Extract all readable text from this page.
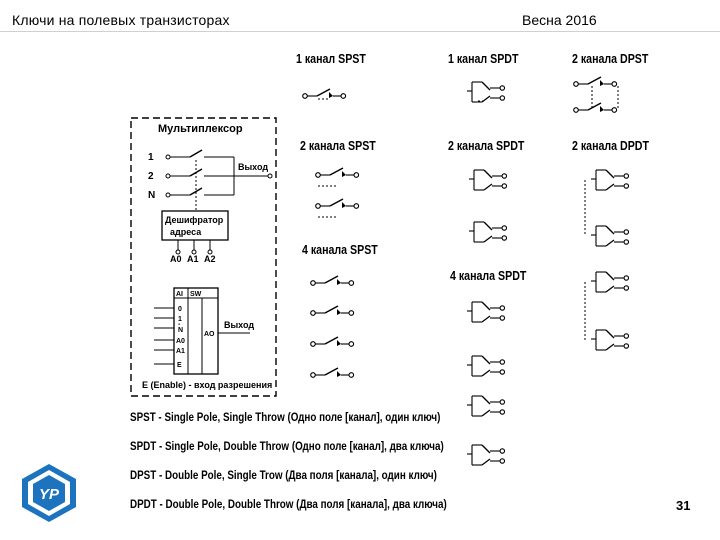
Ключи на полевых транзисторах	Весна 2016
1 канал SPST	1 канал SPDT	2 канала DPST
2 канала SPST	2 канала SPDT	2 канала DPDT
4 канала SPST
4 канала SPDT
SPST - Single Pole, Single Throw (Одно поле [канал], один ключ)
SPDT - Single Pole, Double Throw (Одно поле [канал], два ключа)
DPST - Double Pole, Single Trow (Два поля [канала], один ключ)
DPDT - Double Pole, Double Throw (Два поля [канала], два ключа)	31
Мультиплексор
1
2
N
Выход
Дешифратор
адреса
A0 A1 A2
AI SW
0
1
-
N
A0
A1
E
AO
Выход
E (Enable) - вход разрешения
YP
